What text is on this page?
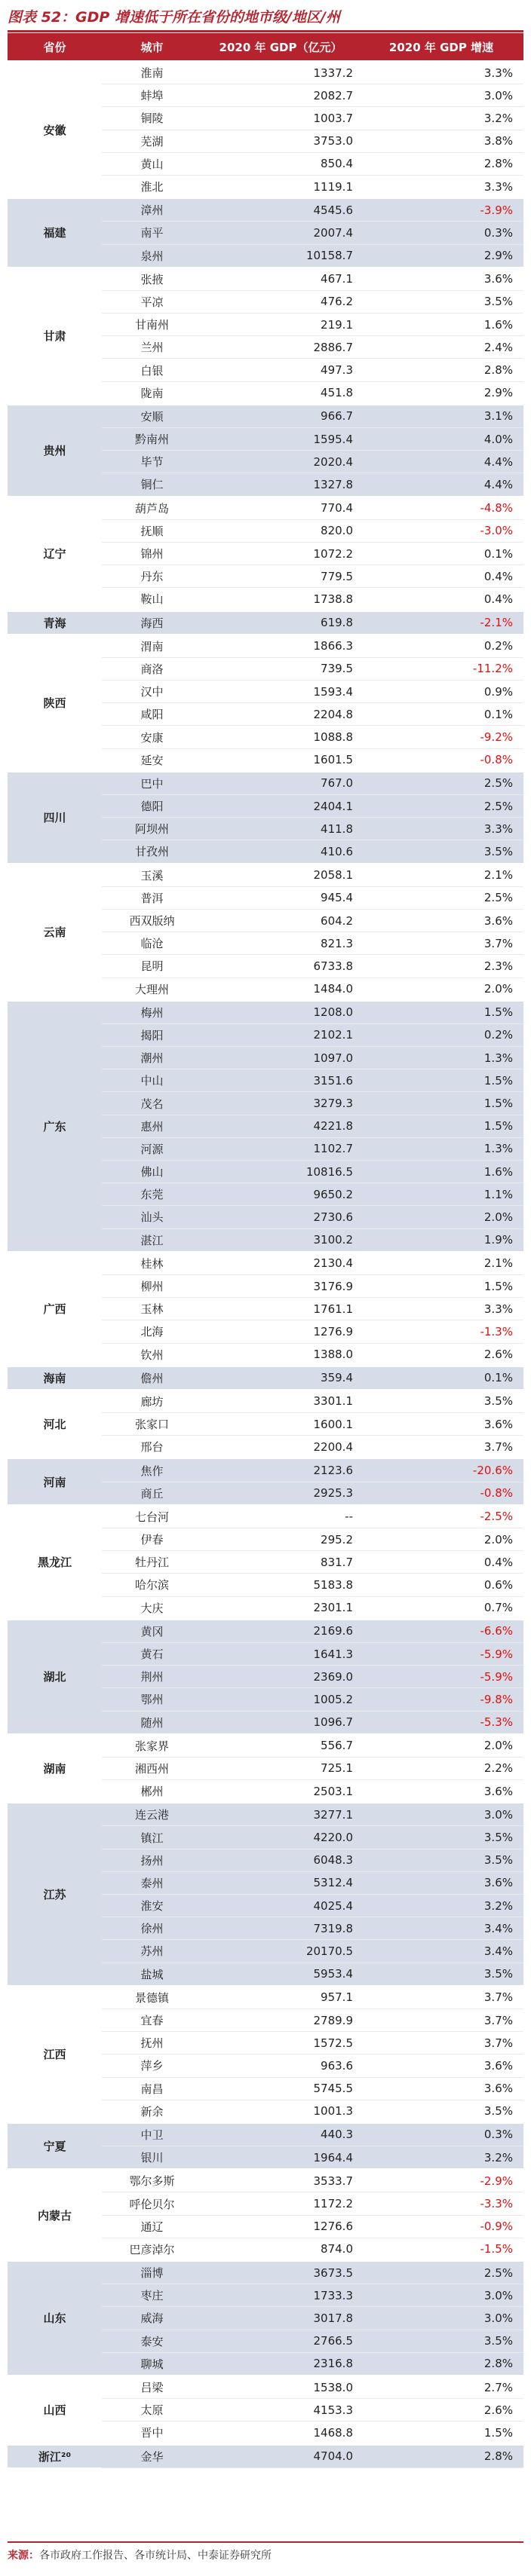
图表 52：GDP 增速低于所在省份的地市级/地区/州
省份	城市	2020 年 GDP（亿元）	2020 年 GDP 增速
安徽	淮南	1337.2	3.3%
	蚌埠	2082.7	3.0%
	铜陵	1003.7	3.2%
	芜湖	3753.0	3.8%
	黄山	850.4	2.8%
	淮北	1119.1	3.3%
福建	漳州	4545.6	-3.9%
	南平	2007.4	0.3%
	泉州	10158.7	2.9%
甘肃	张掖	467.1	3.6%
	平凉	476.2	3.5%
	甘南州	219.1	1.6%
	兰州	2886.7	2.4%
	白银	497.3	2.8%
	陇南	451.8	2.9%
贵州	安顺	966.7	3.1%
	黔南州	1595.4	4.0%
	毕节	2020.4	4.4%
	铜仁	1327.8	4.4%
辽宁	葫芦岛	770.4	-4.8%
	抚顺	820.0	-3.0%
	锦州	1072.2	0.1%
	丹东	779.5	0.4%
	鞍山	1738.8	0.4%
青海	海西	619.8	-2.1%
陕西	渭南	1866.3	0.2%
	商洛	739.5	-11.2%
	汉中	1593.4	0.9%
	咸阳	2204.8	0.1%
	安康	1088.8	-9.2%
	延安	1601.5	-0.8%
四川	巴中	767.0	2.5%
	德阳	2404.1	2.5%
	阿坝州	411.8	3.3%
	甘孜州	410.6	3.5%
云南	玉溪	2058.1	2.1%
	普洱	945.4	2.5%
	西双版纳	604.2	3.6%
	临沧	821.3	3.7%
	昆明	6733.8	2.3%
	大理州	1484.0	2.0%
广东	梅州	1208.0	1.5%
	揭阳	2102.1	0.2%
	潮州	1097.0	1.3%
	中山	3151.6	1.5%
	茂名	3279.3	1.5%
	惠州	4221.8	1.5%
	河源	1102.7	1.3%
	佛山	10816.5	1.6%
	东莞	9650.2	1.1%
	汕头	2730.6	2.0%
	湛江	3100.2	1.9%
广西	桂林	2130.4	2.1%
	柳州	3176.9	1.5%
	玉林	1761.1	3.3%
	北海	1276.9	-1.3%
	钦州	1388.0	2.6%
海南	儋州	359.4	0.1%
河北	廊坊	3301.1	3.5%
	张家口	1600.1	3.6%
	邢台	2200.4	3.7%
河南	焦作	2123.6	-20.6%
	商丘	2925.3	-0.8%
黑龙江	七台河	--	-2.5%
	伊春	295.2	2.0%
	牡丹江	831.7	0.4%
	哈尔滨	5183.8	0.6%
	大庆	2301.1	0.7%
湖北	黄冈	2169.6	-6.6%
	黄石	1641.3	-5.9%
	荆州	2369.0	-5.9%
	鄂州	1005.2	-9.8%
	随州	1096.7	-5.3%
湖南	张家界	556.7	2.0%
	湘西州	725.1	2.2%
	郴州	2503.1	3.6%
江苏	连云港	3277.1	3.0%
	镇江	4220.0	3.5%
	扬州	6048.3	3.5%
	泰州	5312.4	3.6%
	淮安	4025.4	3.2%
	徐州	7319.8	3.4%
	苏州	20170.5	3.4%
	盐城	5953.4	3.5%
江西	景德镇	957.1	3.7%
	宜春	2789.9	3.7%
	抚州	1572.5	3.7%
	萍乡	963.6	3.6%
	南昌	5745.5	3.6%
	新余	1001.3	3.5%
宁夏	中卫	440.3	0.3%
	银川	1964.4	3.2%
内蒙古	鄂尔多斯	3533.7	-2.9%
	呼伦贝尔	1172.2	-3.3%
	通辽	1276.6	-0.9%
	巴彦淖尔	874.0	-1.5%
山东	淄博	3673.5	2.5%
	枣庄	1733.3	3.0%
	威海	3017.8	3.0%
	泰安	2766.5	3.5%
	聊城	2316.8	2.8%
山西	吕梁	1538.0	2.7%
	太原	4153.3	2.6%
	晋中	1468.8	1.5%
浙江²⁰	金华	4704.0	2.8%
来源：各市政府工作报告、各市统计局、中泰证券研究所
